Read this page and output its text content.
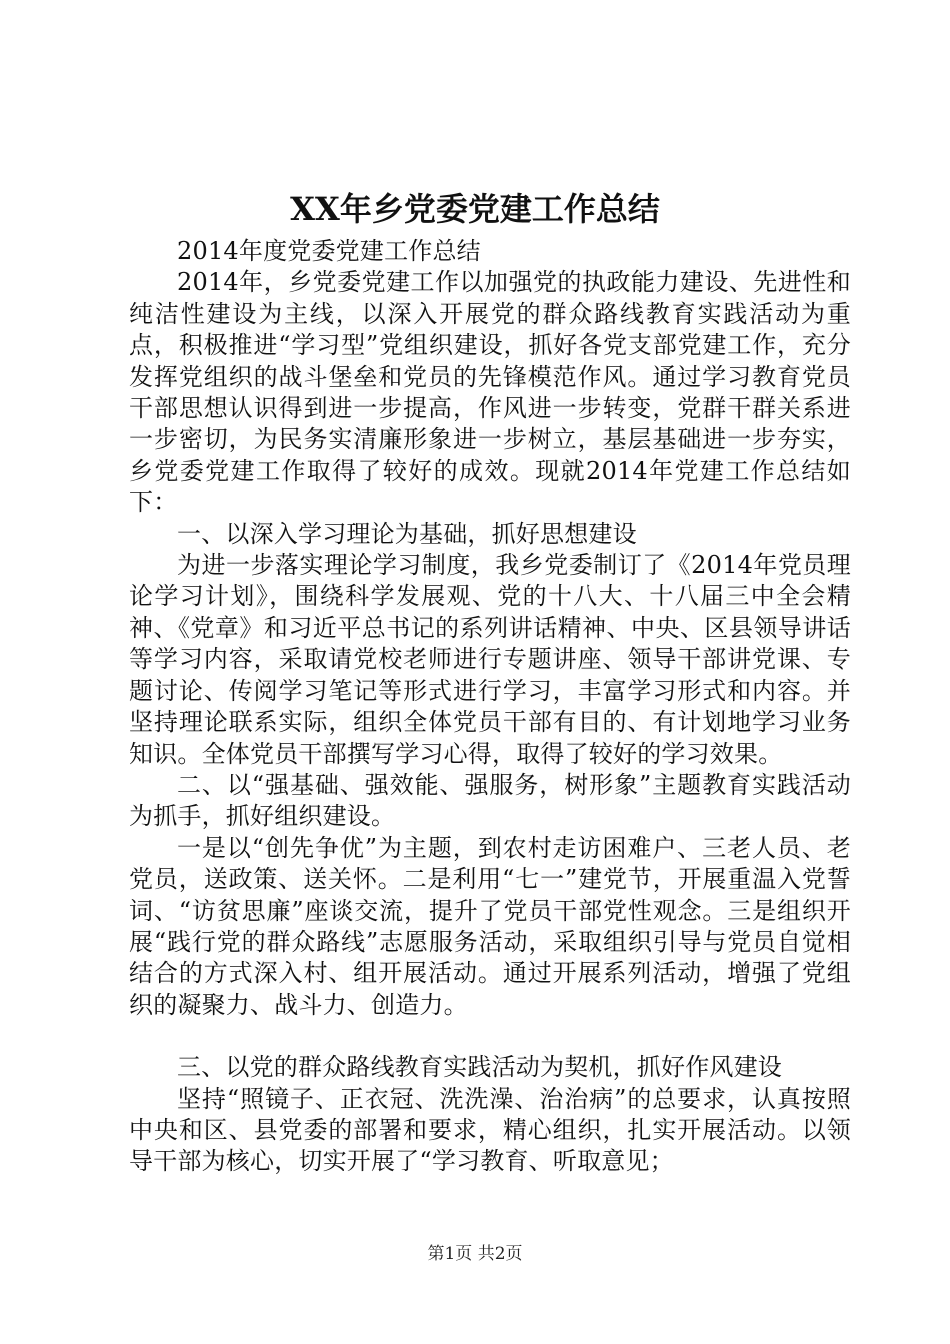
XX年乡党委党建工作总结

2014年度党委党建工作总结

2014年，乡党委党建工作以加强党的执政能力建设、先进性和纯洁性建设为主线，以深入开展党的群众路线教育实践活动为重点，积极推进“学习型”党组织建设，抓好各党支部党建工作，充分发挥党组织的战斗堡垒和党员的先锋模范作风。通过学习教育党员干部思想认识得到进一步提高，作风进一步转变，党群干群关系进一步密切，为民务实清廉形象进一步树立，基层基础进一步夯实，乡党委党建工作取得了较好的成效。现就2014年党建工作总结如下：

一、以深入学习理论为基础，抓好思想建设

为进一步落实理论学习制度，我乡党委制订了《2014年党员理论学习计划》，围绕科学发展观、党的十八大、十八届三中全会精神、《党章》和习近平总书记的系列讲话精神、中央、区县领导讲话等学习内容，采取请党校老师进行专题讲座、领导干部讲党课、专题讨论、传阅学习笔记等形式进行学习，丰富学习形式和内容。并坚持理论联系实际，组织全体党员干部有目的、有计划地学习业务知识。全体党员干部撰写学习心得，取得了较好的学习效果。

二、以“强基础、强效能、强服务，树形象”主题教育实践活动为抓手，抓好组织建设。

一是以“创先争优”为主题，到农村走访困难户、三老人员、老党员，送政策、送关怀。二是利用“七一”建党节，开展重温入党誓词、“访贫思廉”座谈交流，提升了党员干部党性观念。三是组织开展“践行党的群众路线”志愿服务活动，采取组织引导与党员自觉相结合的方式深入村、组开展活动。通过开展系列活动，增强了党组织的凝聚力、战斗力、创造力。

三、以党的群众路线教育实践活动为契机，抓好作风建设

坚持“照镜子、正衣冠、洗洗澡、治治病”的总要求，认真按照中央和区、县党委的部署和要求，精心组织，扎实开展活动。以领导干部为核心，切实开展了“学习教育、听取意见；

第1页 共2页
